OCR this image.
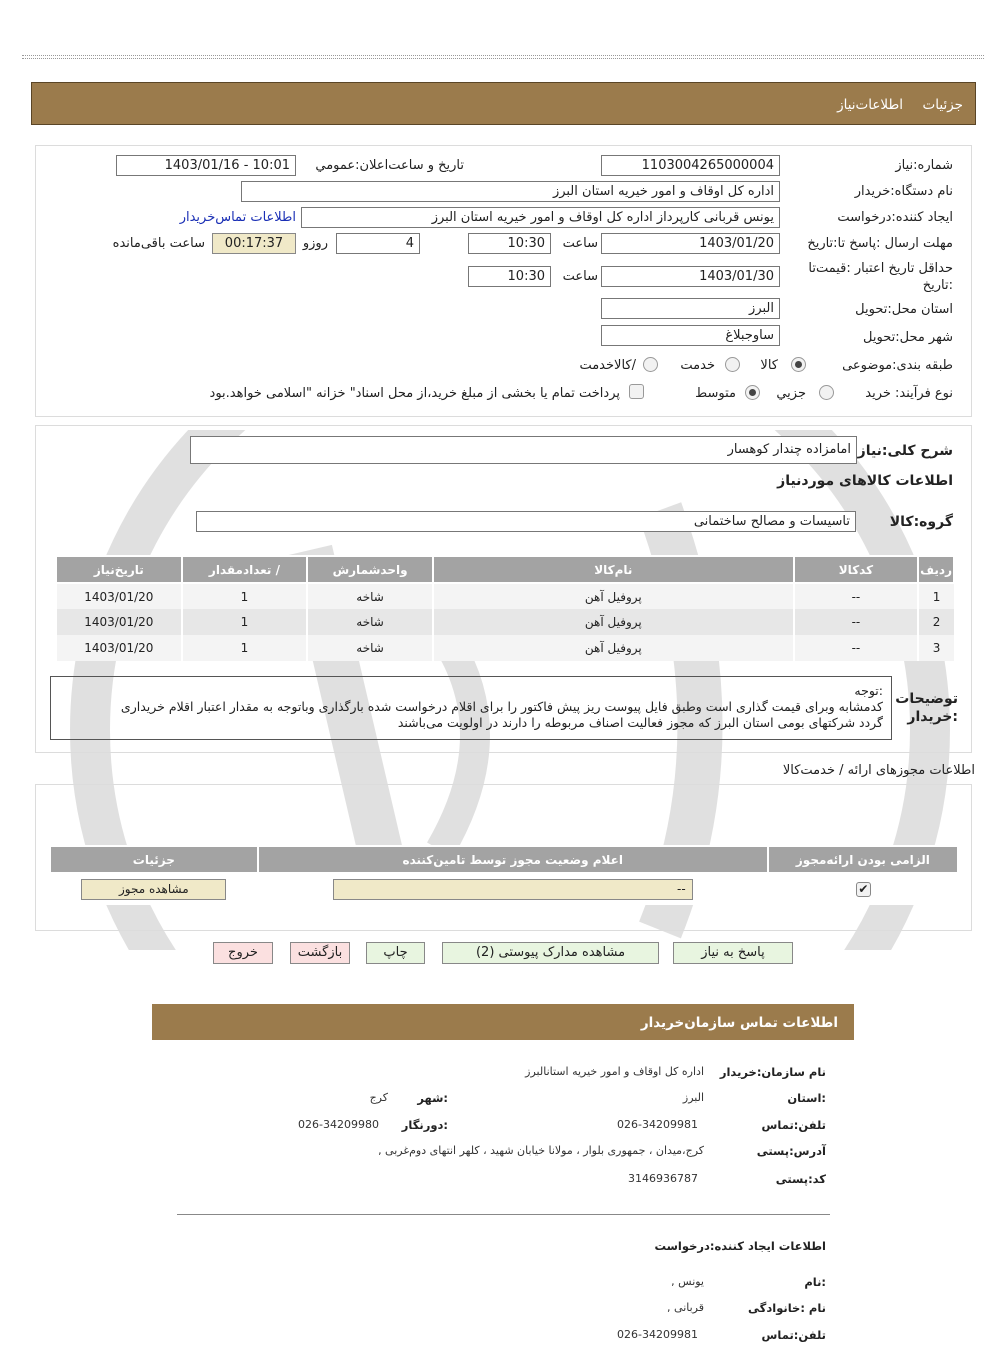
جزئیات
اطلاعات‌نیاز
شماره:نیاز
1103004265000004
تاریخ و ساعت‌اعلان:عمومي
1403/01/16 - 10:01
نام دستگاه:خریدار
اداره کل اوقاف و امور خیریه استان البرز
ایجاد کننده:درخواست
یونس قربانی کارپرداز اداره کل اوقاف و امور خیریه استان البرز
اطلاعات تماس‌خریدار
مهلت ارسال :پاسخ تا:تاریخ
1403/01/20
ساعت
10:30
4
روزو
00:17:37
ساعت باقی‌مانده
حداقل تاریخ اعتبار :قیمت‌تا :تاریخ
1403/01/30
ساعت
10:30
استان محل:تحویل
البرز
شهر محل:تحویل
ساوجبلاغ
طبقه بندی:موضوعی
کالا
خدمت
/کالاخدمت
نوع فرآیند: خرید
جزيي
متوسط
پرداخت تمام یا بخشی از مبلغ خرید،از محل اسناد" خزانه "اسلامی خواهد.بود
شرح کلی:نیاز
امامزاده چندار کوهسار
اطلاعات کالاهای موردنیاز
گروه:کالا
تاسیسات و مصالح ساختمانی
ردیف	کدکالا	نام‌کالا	واحدشمارش	/ تعدادمقدار	تاریخ‌نیاز
1	--	پروفیل آهن	شاخه	1	1403/01/20
2	--	پروفیل آهن	شاخه	1	1403/01/20
3	--	پروفیل آهن	شاخه	1	1403/01/20
توضیحات :خریدار
:توجه
کدمشابه وبرای قیمت گذاری است وطبق فایل پیوست ریز پیش فاکتور را برای اقلام درخواست شده بارگذاری وباتوجه به مقدار اعتبار اقلام خریداری
گردد شرکتهای بومی استان البرز که مجوز فعالیت اصناف مربوطه را دارند در اولویت می‌باشند
اطلاعات مجوزهای ارائه / خدمت‌کالا
الزامی بودن ارائه‌مجوز	اعلام وضعیت مجوز توسط تامین‌کننده	جزئیات
✔	--	مشاهده مجوز
پاسخ به نیاز
مشاهده مدارک پیوستی (2)
چاپ
بازگشت
خروج
اطلاعات تماس سازمان‌خریدار
نام سازمان:خریدار
اداره کل اوقاف و امور خیریه استانالبرز
:استان
البرز
:شهر
کرج
تلفن:تماس
026-34209981
:دورنگار
026-34209980
آدرس:پستی
کرج،میدان ، جمهوری بلوار ، مولانا خیابان شهید ، کلهر انتهای دوم‌غربی ,
کد:پستی
3146936787
اطلاعات ایجاد کننده:درخواست
:نام
یونس ,
نام :خانوادگی
قربانی ,
تلفن:تماس
026-34209981
